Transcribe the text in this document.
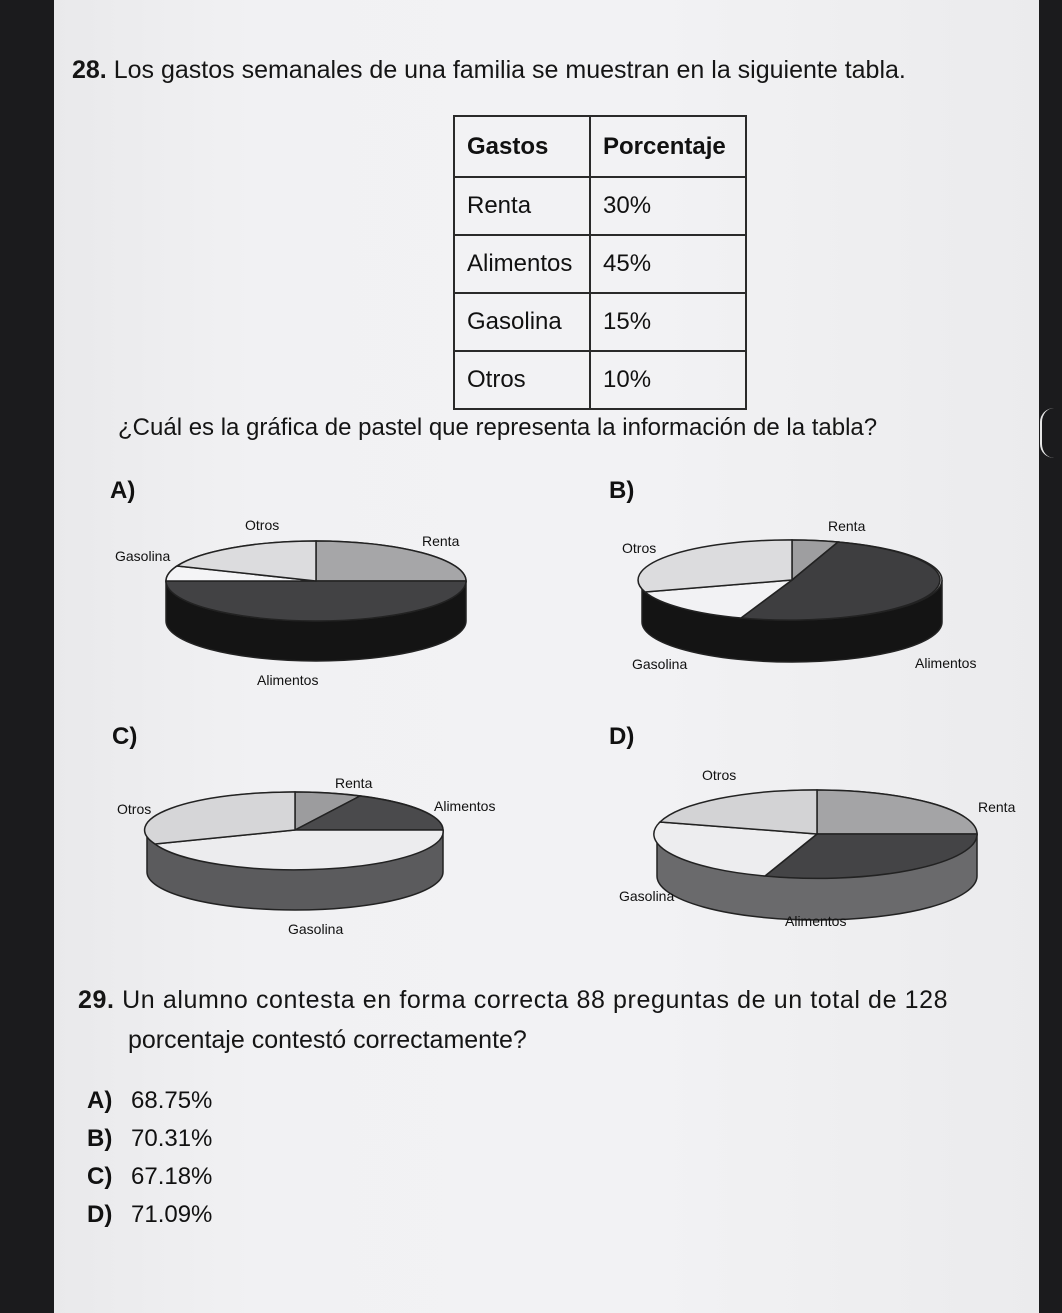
28. Los gastos semanales de una familia se muestran en la siguiente tabla.
Gastos	Porcentaje
Renta	30%
Alimentos	45%
Gasolina	15%
Otros	10%
¿Cuál es la gráfica de pastel que representa la información de la tabla?
A)	B)
C)	D)
Otros
Gasolina
Renta
Alimentos
Renta
Otros
Gasolina	Alimentos
Renta
Otros	Alimentos
Gasolina
Otros
Renta
Gasolina
Alimentos
29. Un alumno contesta en forma correcta 88 preguntas de un total de 128
porcentaje contestó correctamente?
A) 68.75%
B) 70.31%
C) 67.18%
D) 71.09%
